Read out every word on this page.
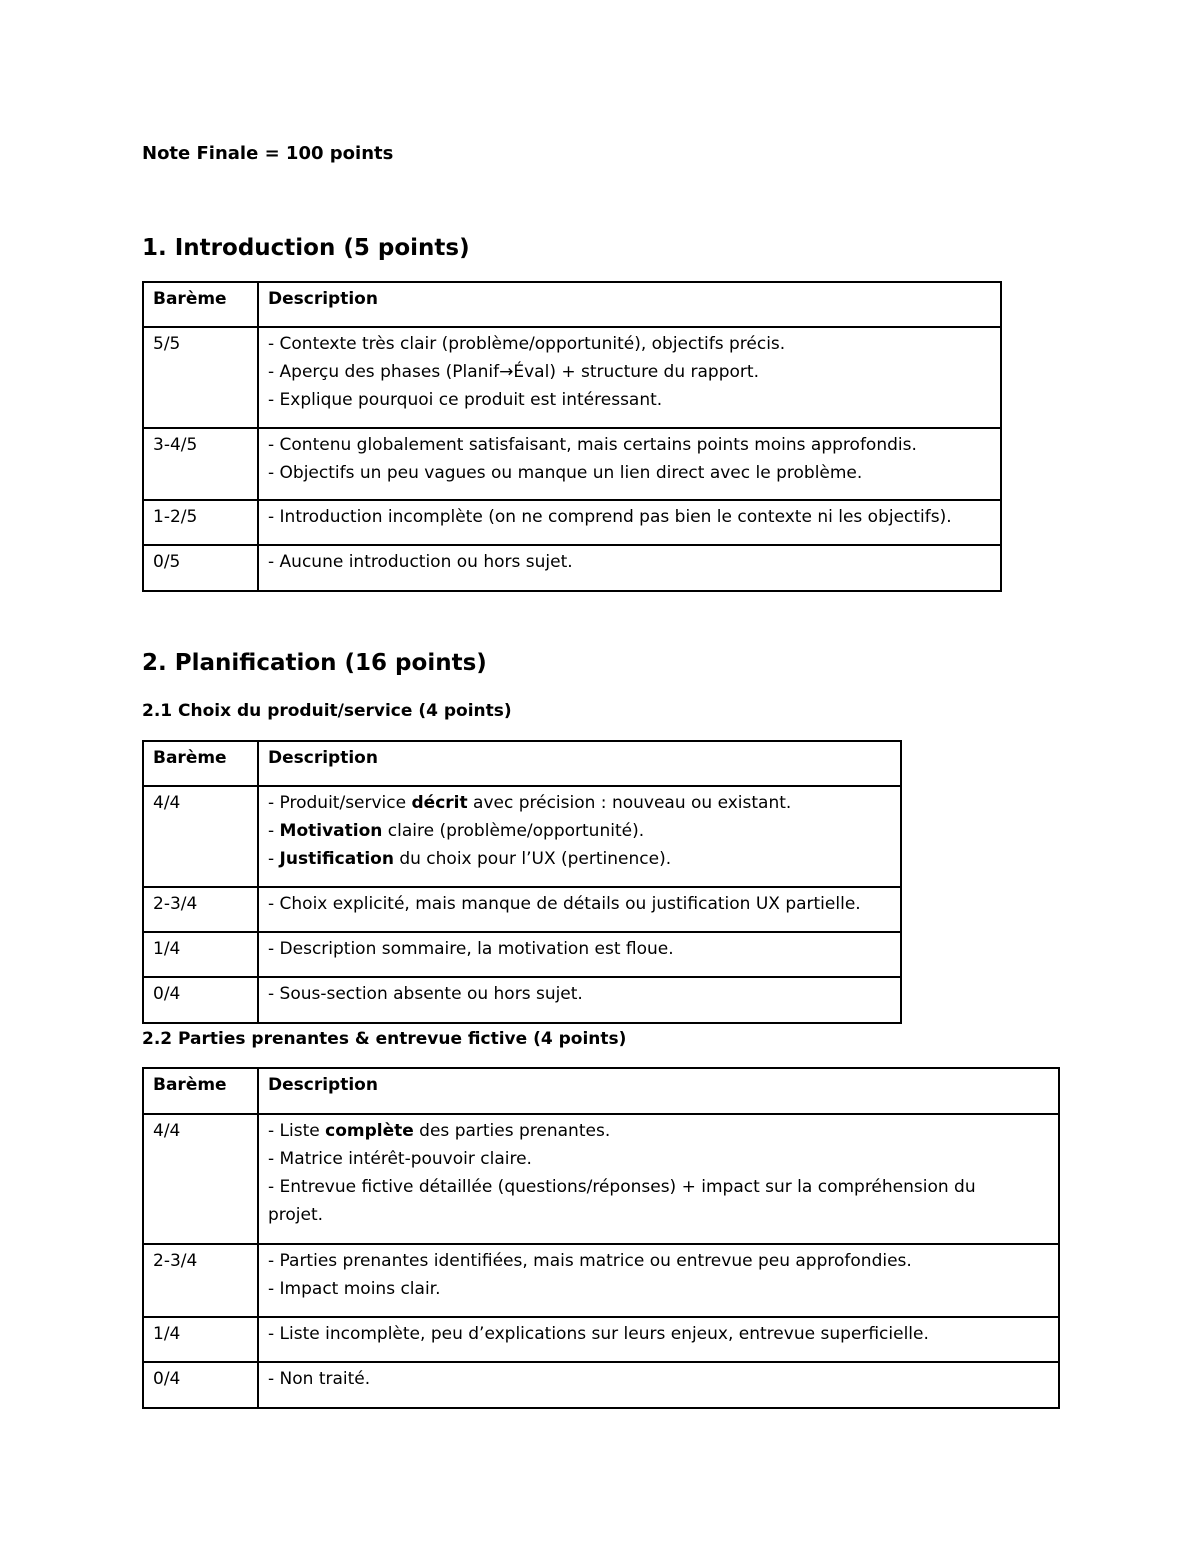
Note Finale = 100 points
1. Introduction (5 points)
Barème	Description
5/5	- Contexte très clair (problème/opportunité), objectifs précis.
- Aperçu des phases (Planif→Éval) + structure du rapport.
- Explique pourquoi ce produit est intéressant.

3-4/5	- Contenu globalement satisfaisant, mais certains points moins approfondis.
- Objectifs un peu vagues ou manque un lien direct avec le problème.

1-2/5	- Introduction incomplète (on ne comprend pas bien le contexte ni les objectifs).

0/5	- Aucune introduction ou hors sujet.
2. Planification (16 points)
2.1 Choix du produit/service (4 points)
Barème	Description
4/4	- Produit/service décrit avec précision : nouveau ou existant.
- Motivation claire (problème/opportunité).
- Justification du choix pour l’UX (pertinence).

2-3/4	- Choix explicité, mais manque de détails ou justification UX partielle.

1/4	- Description sommaire, la motivation est floue.

0/4	- Sous-section absente ou hors sujet.
2.2 Parties prenantes & entrevue fictive (4 points)
Barème	Description
4/4	- Liste complète des parties prenantes.
- Matrice intérêt-pouvoir claire.
- Entrevue fictive détaillée (questions/réponses) + impact sur la compréhension du
projet.

2-3/4	- Parties prenantes identifiées, mais matrice ou entrevue peu approfondies.
- Impact moins clair.

1/4	- Liste incomplète, peu d’explications sur leurs enjeux, entrevue superficielle.

0/4	- Non traité.
